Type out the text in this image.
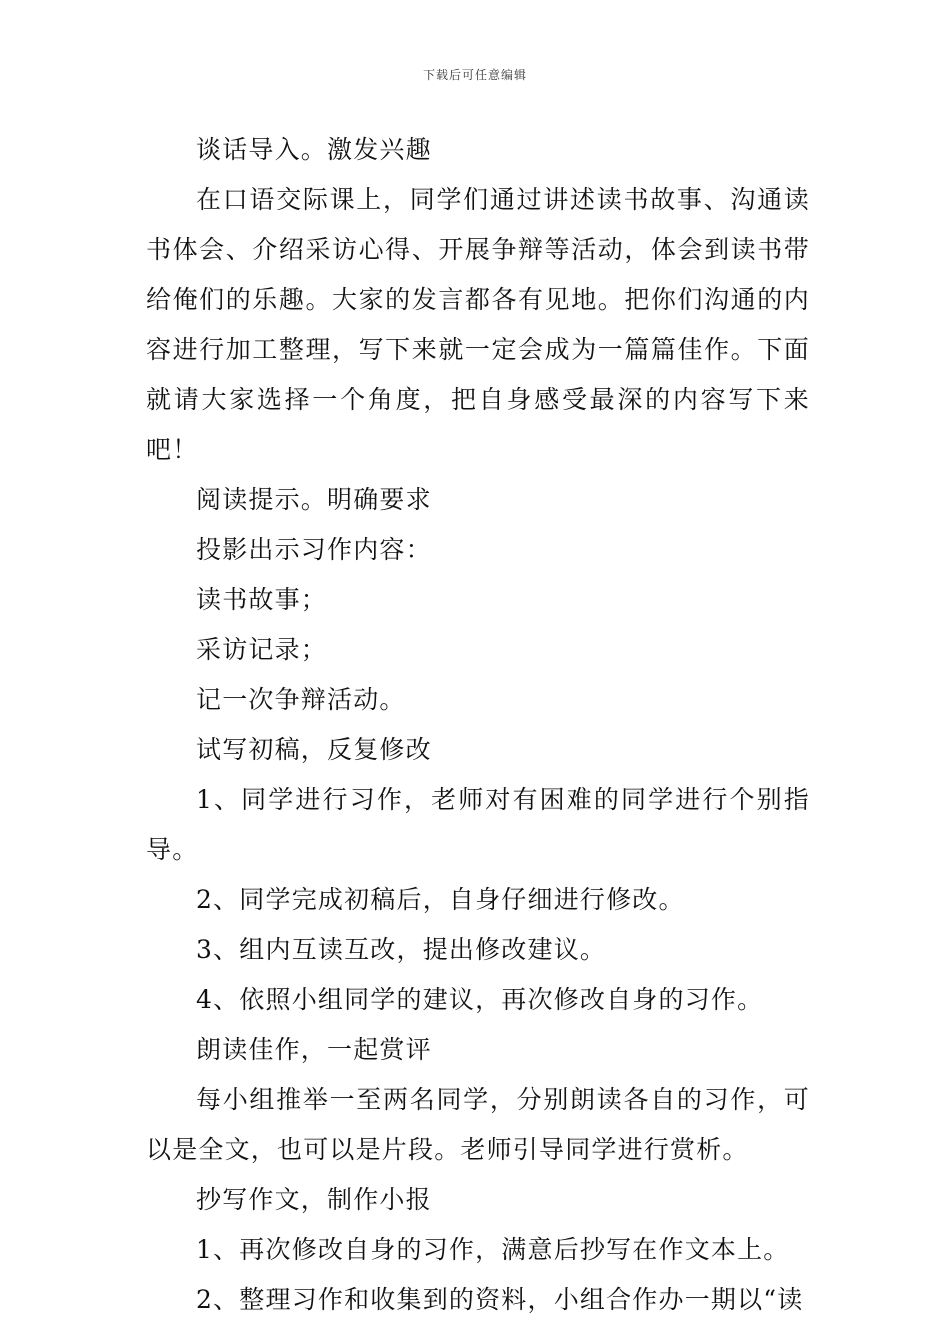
下载后可任意编辑

谈话导入。激发兴趣

在口语交际课上，同学们通过讲述读书故事、沟通读书体会、介绍采访心得、开展争辩等活动，体会到读书带给俺们的乐趣。大家的发言都各有见地。把你们沟通的内容进行加工整理，写下来就一定会成为一篇篇佳作。下面就请大家选择一个角度，把自身感受最深的内容写下来吧！

阅读提示。明确要求

投影出示习作内容：

读书故事；

采访记录；

记一次争辩活动。

试写初稿，反复修改

1、同学进行习作，老师对有困难的同学进行个别指导。

2、同学完成初稿后，自身仔细进行修改。

3、组内互读互改，提出修改建议。

4、依照小组同学的建议，再次修改自身的习作。

朗读佳作，一起赏评

每小组推举一至两名同学，分别朗读各自的习作，可以是全文，也可以是片段。老师引导同学进行赏析。

抄写作文，制作小报

1、再次修改自身的习作，满意后抄写在作文本上。

2、整理习作和收集到的资料，小组合作办一期以“读
